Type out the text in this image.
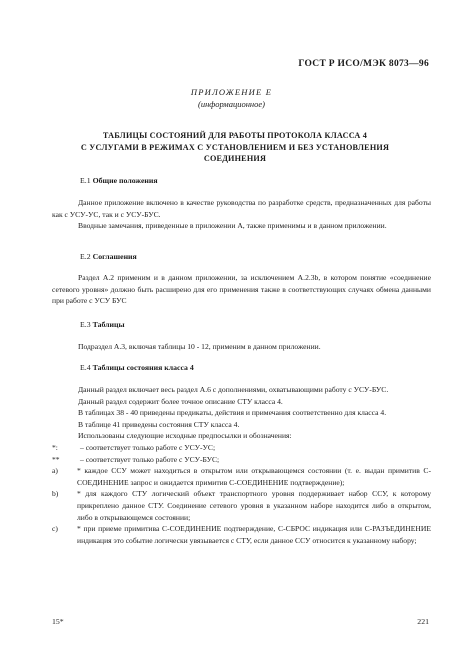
ГОСТ Р ИСО/МЭК 8073—96
ПРИЛОЖЕНИЕ Е
(информационное)
ТАБЛИЦЫ СОСТОЯНИЙ ДЛЯ РАБОТЫ ПРОТОКОЛА КЛАССА 4
С УСЛУГАМИ В РЕЖИМАХ С УСТАНОВЛЕНИЕМ И БЕЗ УСТАНОВЛЕНИЯ
СОЕДИНЕНИЯ
Е.1 Общие положения

Данное приложение включено в качестве руководства по разработке средств, предназначенных для работы как с УСУ-УС, так и с УСУ-БУС.

Вводные замечания, приведенные в приложении А, также применимы и в данном приложении.

Е.2 Соглашения

Раздел А.2 применим и в данном приложении, за исключением А.2.3b, в котором понятие «соединение сетевого уровня» должно быть расширено для его применения также в соответствующих случаях обмена данными при работе с УСУ БУС

Е.3 Таблицы

Подраздел А.3, включая таблицы 10 - 12, применим в данном приложении.

Е.4 Таблицы состояния класса 4

Данный раздел включает весь раздел А.6 с дополнениями, охватывающими работу с УСУ-БУС.

Данный раздел содержит более точное описание СТУ класса 4.

В таблицах 38 - 40 приведены предикаты, действия и примечания соответственно для класса 4.

В таблице 41 приведены состояния СТУ класса 4.

Использованы следующие исходные предпосылки и обозначения:

*:	– соответствует только работе с УСУ-УС;
**	– соответствует только работе с УСУ-БУС;
a)	* каждое ССУ может находиться в открытом или открывающемся состоянии (т. е. выдан примитив С-СОЕДИНЕНИЕ запрос и ожидается примитив С-СОЕДИНЕНИЕ подтверждение);
b)	* для каждого СТУ логический объект транспортного уровня поддерживает набор ССУ, к которому прикреплено данное СТУ. Соединение сетевого уровня в указанном наборе находится либо в открытом, либо в открывающемся состоянии;
c)	* при приеме примитива С-СОЕДИНЕНИЕ подтверждение, С-СБРОС индикация или С-РАЗЪЕДИНЕНИЕ индикация это событие логически увязывается с СТУ, если данное ССУ относится к указанному набору;
15*	221
